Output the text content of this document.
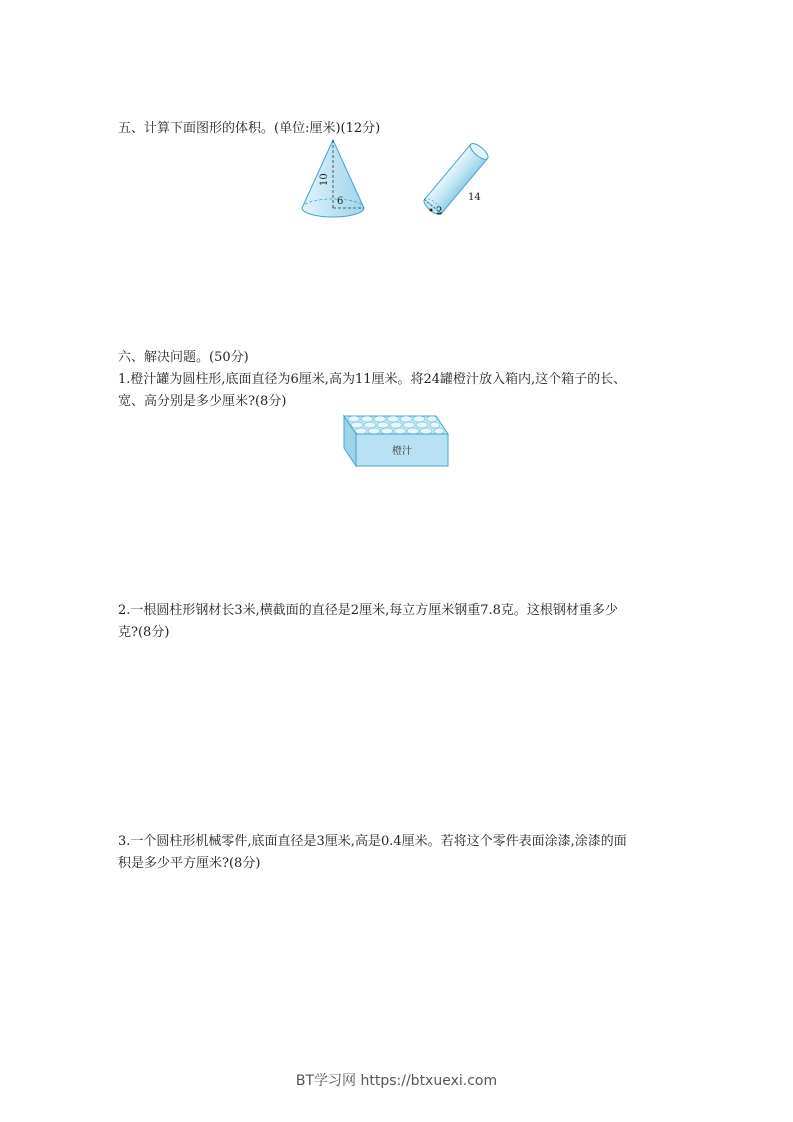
五、计算下面图形的体积。(单位:厘米)(12分)
10
6
2
14
六、解决问题。(50分)
1.橙汁罐为圆柱形,底面直径为6厘米,高为11厘米。将24罐橙汁放入箱内,这个箱子的长、
宽、高分别是多少厘米?(8分)
橙汁
2.一根圆柱形钢材长3米,横截面的直径是2厘米,每立方厘米钢重7.8克。这根钢材重多少
克?(8分)
3.一个圆柱形机械零件,底面直径是3厘米,高是0.4厘米。若将这个零件表面涂漆,涂漆的面
积是多少平方厘米?(8分)
BT学习网 https://btxuexi.com
